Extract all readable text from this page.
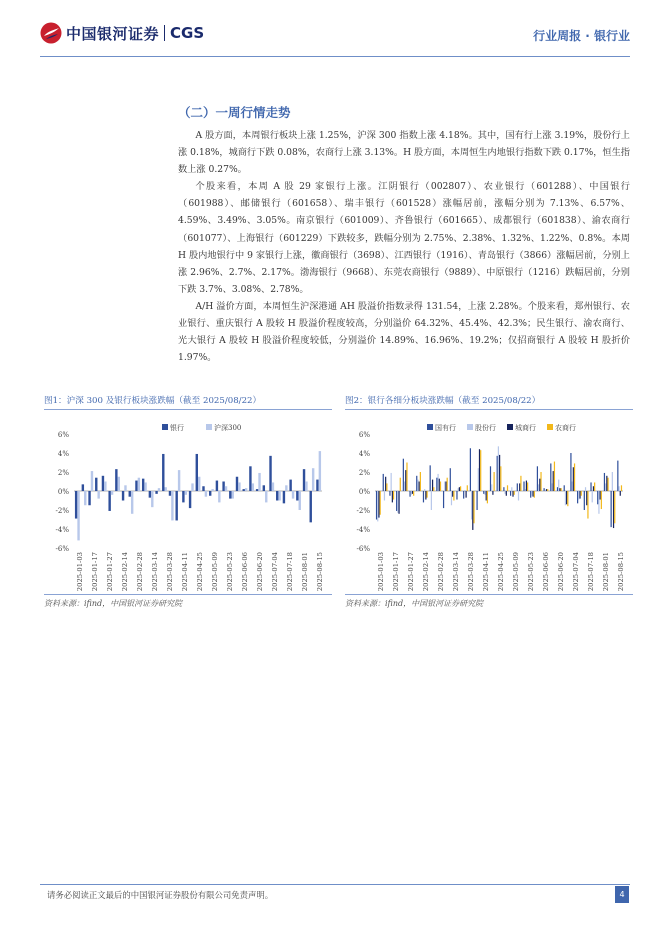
中国银河证券 CGS	行业周报 · 银行业
（二）一周行情走势

A 股方面，本周银行板块上涨 1.25%，沪深 300 指数上涨 4.18%。其中，国有行上涨 3.19%，股份行上涨 0.18%，城商行下跌 0.08%，农商行上涨 3.13%。H 股方面，本周恒生内地银行指数下跌 0.17%，恒生指数上涨 0.27%。

个股来看，本周 A 股 29 家银行上涨。江阴银行（002807）、农业银行（601288）、中国银行（601988）、邮储银行（601658）、瑞丰银行（601528）涨幅居前，涨幅分别为 7.13%、6.57%、4.59%、3.49%、3.05%。南京银行（601009）、齐鲁银行（601665）、成都银行（601838）、渝农商行（601077）、上海银行（601229）下跌较多，跌幅分别为 2.75%、2.38%、1.32%、1.22%、0.8%。本周 H 股内地银行中 9 家银行上涨，徽商银行（3698）、江西银行（1916）、青岛银行（3866）涨幅居前，分别上涨 2.96%、2.7%、2.17%。渤海银行（9668）、东莞农商银行（9889）、中原银行（1216）跌幅居前，分别下跌 3.7%、3.08%、2.78%。

A/H 溢价方面，本周恒生沪深港通 AH 股溢价指数录得 131.54，上涨 2.28%。个股来看，郑州银行、农业银行、重庆银行 A 股较 H 股溢价程度较高，分别溢价 64.32%、45.4%、42.3%；民生银行、渝农商行、光大银行 A 股较 H 股溢价程度较低，分别溢价 14.89%、16.96%、19.2%；仅招商银行 A 股较 H 股折价 1.97%。

图1：沪深 300 及银行板块涨跌幅（截至 2025/08/22）
6%
4%
2%
0%
-2%
-4%
-6%
2025-01-03 2025-01-17 2025-01-27 2025-02-14 2025-02-28 2025-03-14 2025-03-28 2025-04-11 2025-04-25 2025-05-09 2025-05-23 2025-06-06 2025-06-20 2025-07-04 2025-07-18 2025-08-01 2025-08-15
银行	沪深300
资料来源：ifind，中国银河证券研究院
图2：银行各细分板块涨跌幅（截至 2025/08/22）
6%
4%
2%
0%
-2%
-4%
-6%
2025-01-03 2025-01-17 2025-01-27 2025-02-14 2025-02-28 2025-03-14 2025-03-28 2025-04-11 2025-04-25 2025-05-09 2025-05-23 2025-06-06 2025-06-20 2025-07-04 2025-07-18 2025-08-01 2025-08-15
国有行	股份行	城商行	农商行
资料来源：ifind，中国银河证券研究院
请务必阅读正文最后的中国银河证券股份有限公司免责声明。	4
